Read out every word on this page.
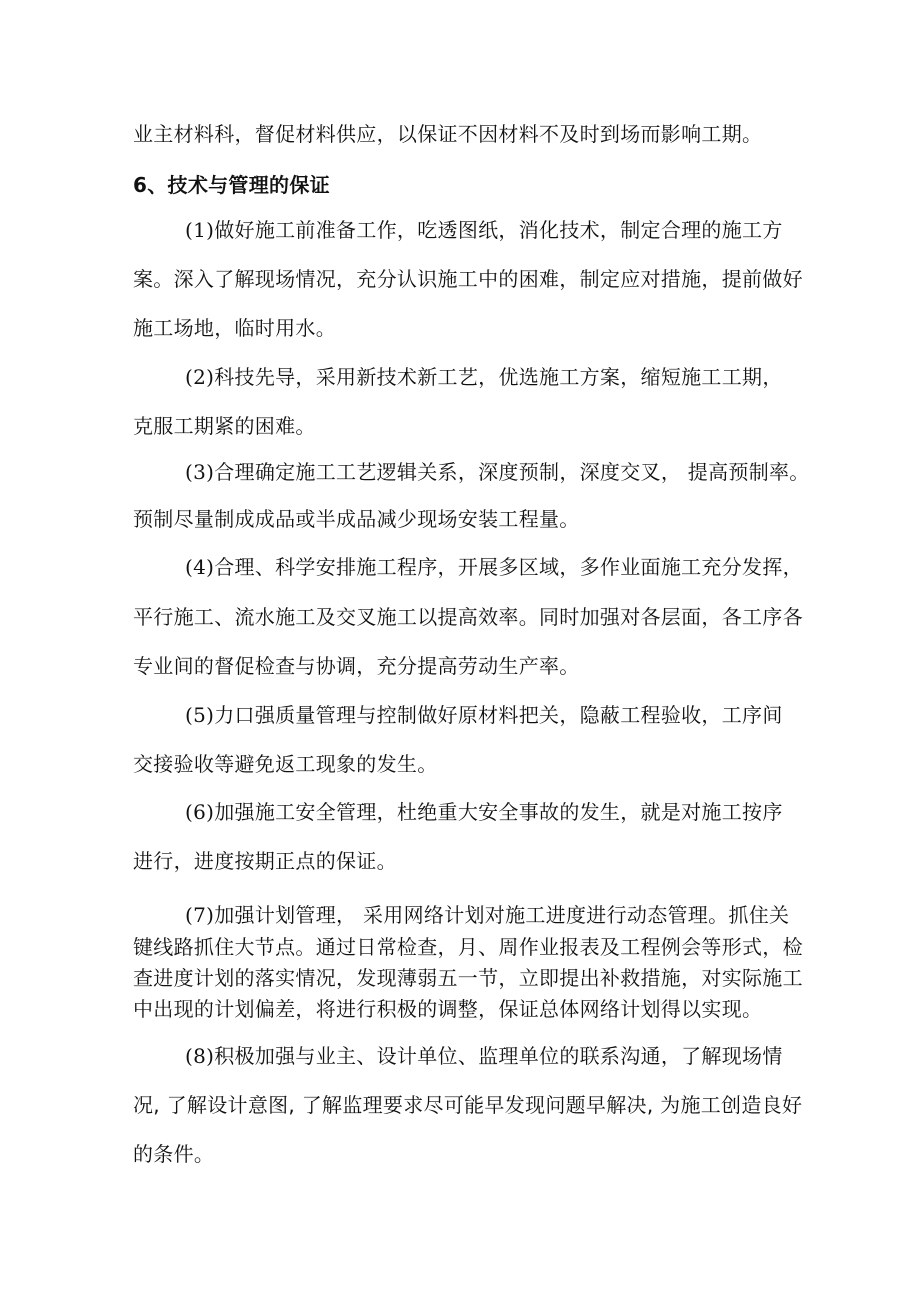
业主材料科，督促材料供应，以保证不因材料不及时到场而影响工期。
6、技术与管理的保证
(1)做好施工前准备工作，吃透图纸，消化技术，制定合理的施工方
案。深入了解现场情况，充分认识施工中的困难，制定应对措施，提前做好
施工场地，临时用水。
(2)科技先导，采用新技术新工艺，优选施工方案，缩短施工工期，
克服工期紧的困难。
(3)合理确定施工工艺逻辑关系，深度预制，深度交叉， 提高预制率。
预制尽量制成成品或半成品减少现场安装工程量。
(4)合理、科学安排施工程序，开展多区域，多作业面施工充分发挥，
平行施工、流水施工及交叉施工以提高效率。同时加强对各层面，各工序各
专业间的督促检查与协调，充分提高劳动生产率。
(5)力口强质量管理与控制做好原材料把关，隐蔽工程验收，工序间
交接验收等避免返工现象的发生。
(6)加强施工安全管理，杜绝重大安全事故的发生，就是对施工按序
进行，进度按期正点的保证。
(7)加强计划管理， 采用网络计划对施工进度进行动态管理。抓住关
键线路抓住大节点。通过日常检查，月、周作业报表及工程例会等形式，检
查进度计划的落实情况，发现薄弱五一节，立即提出补救措施，对实际施工
中出现的计划偏差，将进行积极的调整，保证总体网络计划得以实现。
(8)积极加强与业主、设计单位、监理单位的联系沟通，了解现场情
况, 了解设计意图, 了解监理要求尽可能早发现问题早解决, 为施工创造良好
的条件。
